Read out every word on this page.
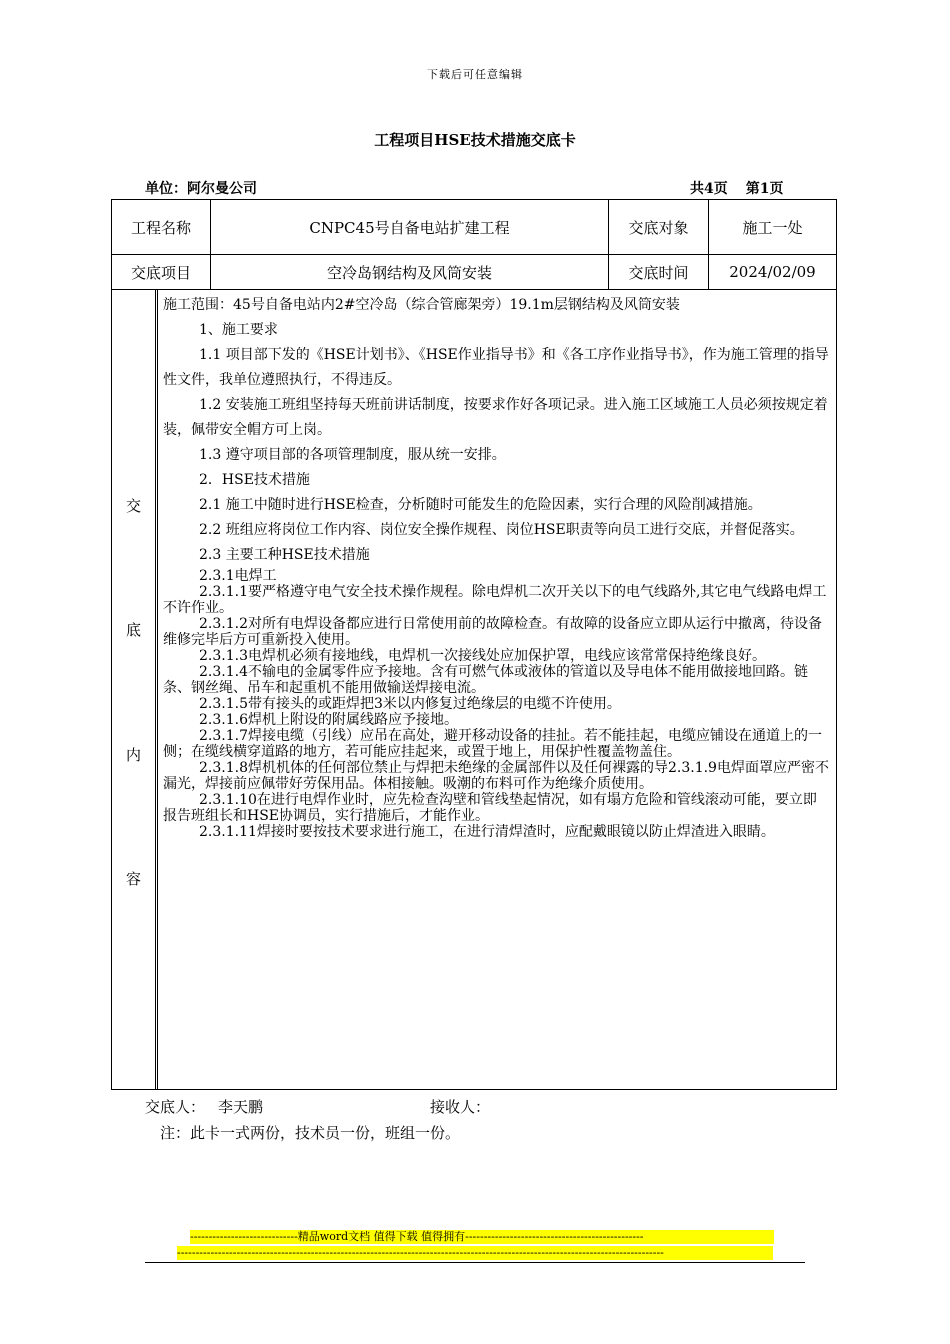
下载后可任意编辑
工程项目HSE技术措施交底卡
单位：阿尔曼公司	共4页 第1页
工程名称	CNPC45号自备电站扩建工程	交底对象	施工一处
交底项目	空冷岛钢结构及风筒安装	交底时间	2024/02/09
交
底
内
容

施工范围：45号自备电站内2#空冷岛（综合管廊架旁）19.1m层钢结构及风筒安装

1、施工要求

1.1 项目部下发的《HSE计划书》、《HSE作业指导书》和《各工序作业指导书》，作为施工管理的指导性文件，我单位遵照执行，不得违反。

1.2 安装施工班组坚持每天班前讲话制度，按要求作好各项记录。进入施工区域施工人员必须按规定着装，佩带安全帽方可上岗。

1.3 遵守项目部的各项管理制度，服从统一安排。

2．HSE技术措施

2.1 施工中随时进行HSE检查，分析随时可能发生的危险因素，实行合理的风险削减措施。

2.2 班组应将岗位工作内容、岗位安全操作规程、岗位HSE职责等向员工进行交底，并督促落实。

2.3 主要工种HSE技术措施

2.3.1电焊工

2.3.1.1要严格遵守电气安全技术操作规程。除电焊机二次开关以下的电气线路外,其它电气线路电焊工不许作业。

2.3.1.2对所有电焊设备都应进行日常使用前的故障检查。有故障的设备应立即从运行中撤离，待设备维修完毕后方可重新投入使用。

2.3.1.3电焊机必须有接地线，电焊机一次接线处应加保护罩，电线应该常常保持绝缘良好。

2.3.1.4不输电的金属零件应予接地。含有可燃气体或液体的管道以及导电体不能用做接地回路。链条、钢丝绳、吊车和起重机不能用做输送焊接电流。

2.3.1.5带有接头的或距焊把3米以内修复过绝缘层的电缆不许使用。

2.3.1.6焊机上附设的附属线路应予接地。

2.3.1.7焊接电缆（引线）应吊在高处，避开移动设备的挂扯。若不能挂起，电缆应铺设在通道上的一侧；在缆线横穿道路的地方，若可能应挂起来，或置于地上，用保护性覆盖物盖住。

2.3.1.8焊机机体的任何部位禁止与焊把未绝缘的金属部件以及任何裸露的导2.3.1.9电焊面罩应严密不漏光，焊接前应佩带好劳保用品。体相接触。吸潮的布料可作为绝缘介质使用。

2.3.1.10在进行电焊作业时，应先检查沟壁和管线垫起情况，如有塌方危险和管线滚动可能，要立即报告班组长和HSE协调员，实行措施后，才能作业。

2.3.1.11焊接时要按技术要求进行施工，在进行清焊渣时，应配戴眼镜以防止焊渣进入眼睛。

交底人： 李天鹏	接收人：
注：此卡一式两份，技术员一份，班组一份。
-----------------------------精品word文档 值得下载 值得拥有------------------------------------------------
-----------------------------------------------------------------------------------------------------------------------------------
